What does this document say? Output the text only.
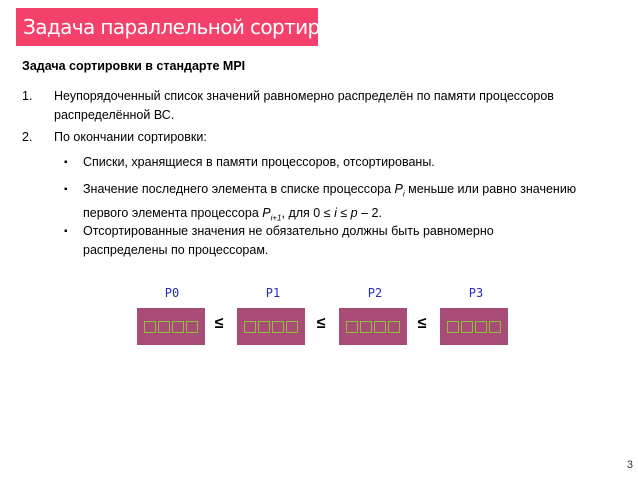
Задача параллельной сортировки
Задача сортировки в стандарте MPI
1. Неупорядоченный список значений равномерно распределён по памяти процессоров распределённой ВС.
2. По окончании сортировки:
▪ Списки, хранящиеся в памяти процессоров, отсортированы.
▪ Значение последнего элемента в списке процессора $P_i$ меньше или равно значению первого элемента процессора $P_{i+1}$, для 0 ≤ i ≤ p – 2.
▪ Отсортированные значения не обязательно должны быть равномерно распределены по процессорам.
P0	P1	P2	P3
≤	≤	≤
3
